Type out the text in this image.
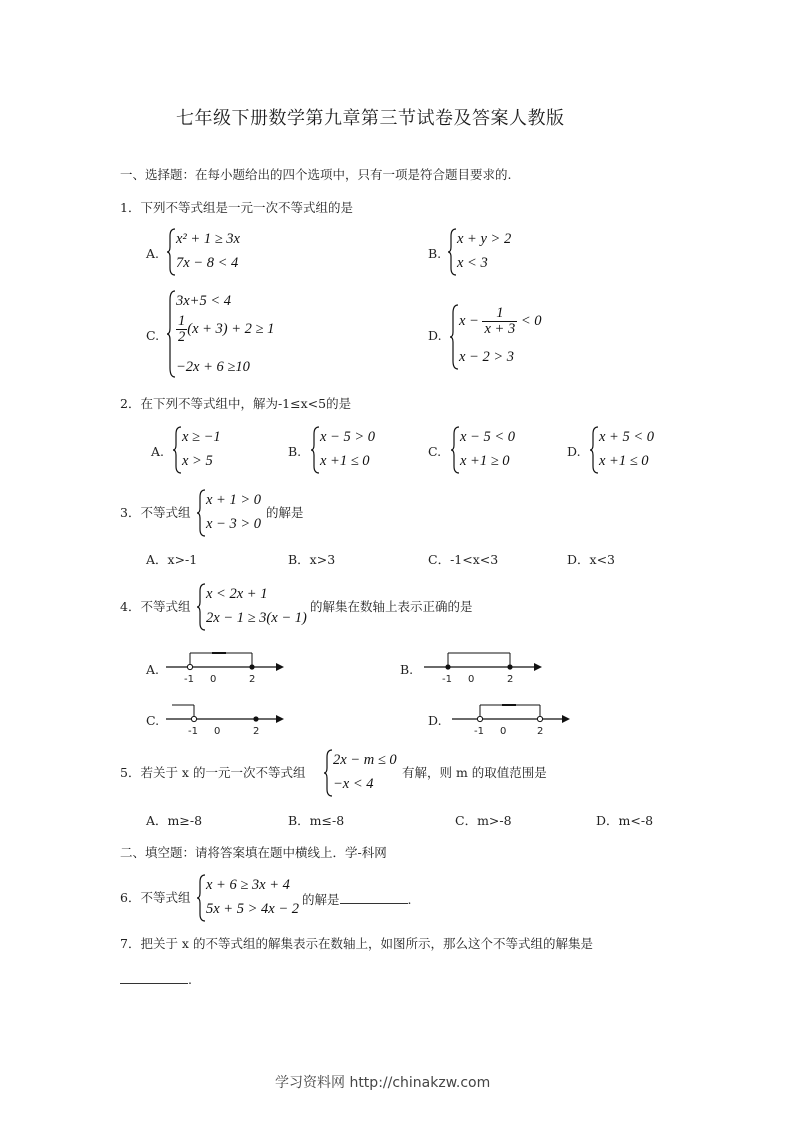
七年级下册数学第九章第三节试卷及答案人教版
一、选择题：在每小题给出的四个选项中，只有一项是符合题目要求的.
1．下列不等式组是一元一次不等式组的是
A.
x² + 1 ≥ 3x
7x − 8 < 4
B.
x + y > 2
x < 3
C.
3x+5 < 4
$\frac{1}{2} (x + 3) + 2 \ge 1$
−2x + 6 ≥10
D.
$x - \frac{1}{x + 3} < 0$
x − 2 > 3
2．在下列不等式组中，解为-1≤x<5的是
A.
x ≥ −1
x > 5
B.
x − 5 > 0
x +1 ≤ 0
C.
x − 5 < 0
x +1 ≥ 0
D.
x + 5 < 0
x +1 ≤ 0
3．不等式组
x + 1 > 0
x − 3 > 0
的解是
A．x>-1	B．x>3	C．-1<x<3	D．x<3
4．不等式组
x < 2x + 1
2x − 1 ≥ 3(x − 1)
的解集在数轴上表示正确的是
A.
-1 0	2
B.
-1 0	2
C.
-1 0	2
D.
-1 0	2
5．若关于 x 的一元一次不等式组
2x − m ≤ 0
−x < 4
有解，则 m 的取值范围是
A．m≥-8	B．m≤-8	C．m>-8	D．m<-8
二、填空题：请将答案填在题中横线上．学-科网
6．不等式组
x + 6 ≥ 3x + 4
5x + 5 > 4x − 2
的解是	.
7．把关于 x 的不等式组的解集表示在数轴上，如图所示，那么这个不等式组的解集是
.
学习资料网 http://chinakzw.com
